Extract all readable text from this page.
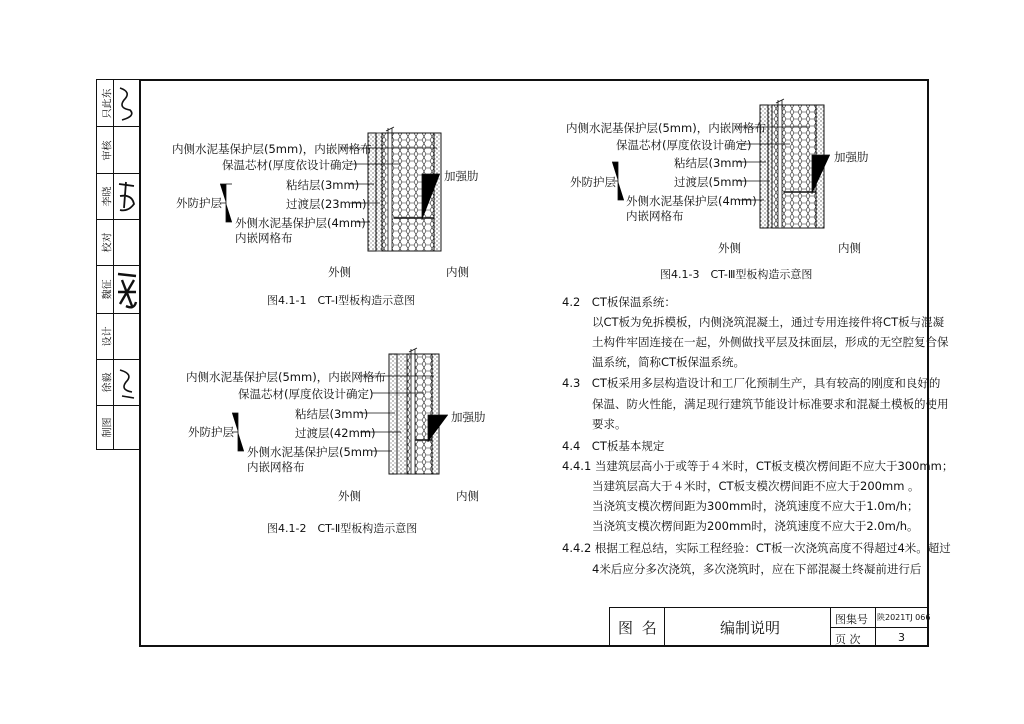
只此东
审核
李晓
校对
魏征
设计
徐毅
制图
内侧水泥基保护层(5mm)，内嵌网格布
保温芯材(厚度依设计确定)
外防护层
粘结层(3mm)
过渡层(23mm)
外侧水泥基保护层(4mm)
内嵌网格布
加强肋
外侧	内侧
图4.1-1　CT-Ⅰ型板构造示意图
内侧水泥基保护层(5mm)，内嵌网格布
保温芯材(厚度依设计确定)
外防护层
粘结层(3mm)
过渡层(42mm)
外侧水泥基保护层(5mm)
内嵌网格布
加强肋
外侧	内侧
图4.1-2　CT-Ⅱ型板构造示意图
内侧水泥基保护层(5mm)，内嵌网格布
保温芯材(厚度依设计确定)
外防护层
粘结层(3mm)
过渡层(5mm)
外侧水泥基保护层(4mm)
内嵌网格布
加强肋
外侧	内侧
图4.1-3　CT-Ⅲ型板构造示意图
4.2　CT板保温系统：
以CT板为免拆模板，内侧浇筑混凝土，通过专用连接件将CT板与混凝
土构件牢固连接在一起，外侧做找平层及抹面层，形成的无空腔复合保
温系统，简称CT板保温系统。
4.3　CT板采用多层构造设计和工厂化预制生产，具有较高的刚度和良好的
保温、防火性能，满足现行建筑节能设计标准要求和混凝土模板的使用
要求。
4.4　CT板基本规定
4.4.1 当建筑层高小于或等于４米时，CT板支模次楞间距不应大于300mm；
当建筑层高大于４米时，CT板支模次楞间距不应大于200mm 。
当浇筑支模次楞间距为300mm时，浇筑速度不应大于1.0m/h；
当浇筑支模次楞间距为200mm时，浇筑速度不应大于2.0m/h。
4.4.2 根据工程总结，实际工程经验：CT板一次浇筑高度不得超过4米。超过
4米后应分多次浇筑，多次浇筑时，应在下部混凝土终凝前进行后
图 名	编制说明	图集号 陕2021TJ 066
页 次	3
